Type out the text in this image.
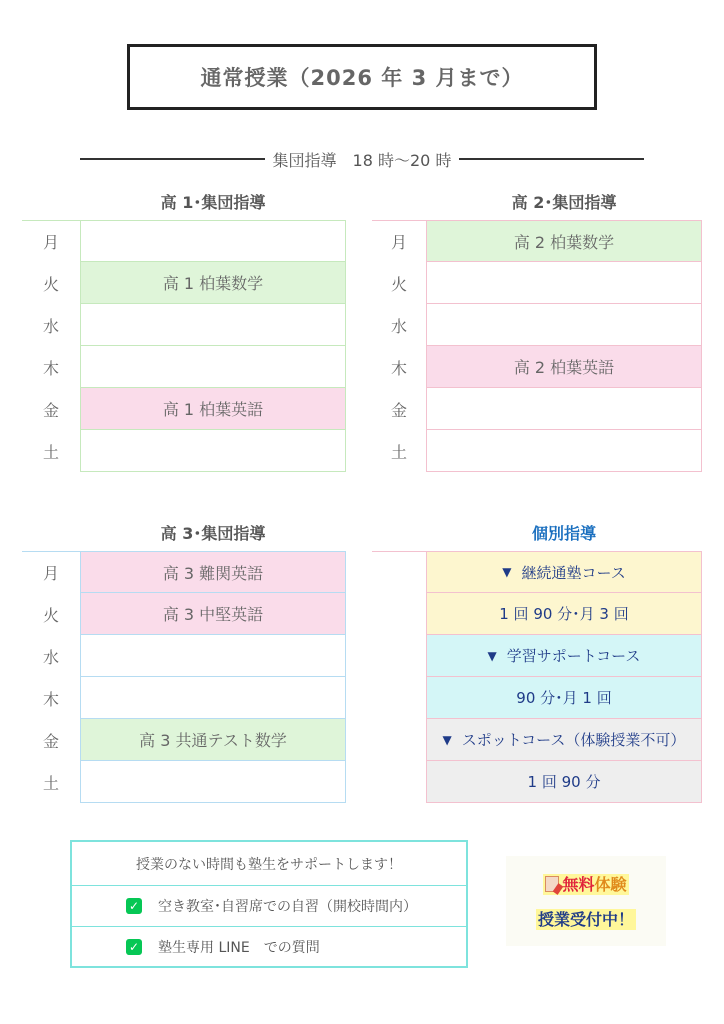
通常授業（2026 年 3 月まで）
集団指導　18 時～20 時
高 1･集団指導
月
火	高 1 柏葉数学
水
木
金	高 1 柏葉英語
土
高 2･集団指導
月	高 2 柏葉数学
火
水
木	高 2 柏葉英語
金
土
高 3･集団指導
月	高 3 難関英語
火	高 3 中堅英語
水
木
金	高 3 共通テスト数学
土
個別指導
▼ 継続通塾コース
1 回 90 分･月 3 回
▼ 学習サポートコース
90 分･月 1 回
▼ スポットコース（体験授業不可）
1 回 90 分
授業のない時間も塾生をサポートします！
✓ 空き教室･自習席での自習（開校時間内）
✓ 塾生専用 LINE　での質問
無料体験
授業受付中！
